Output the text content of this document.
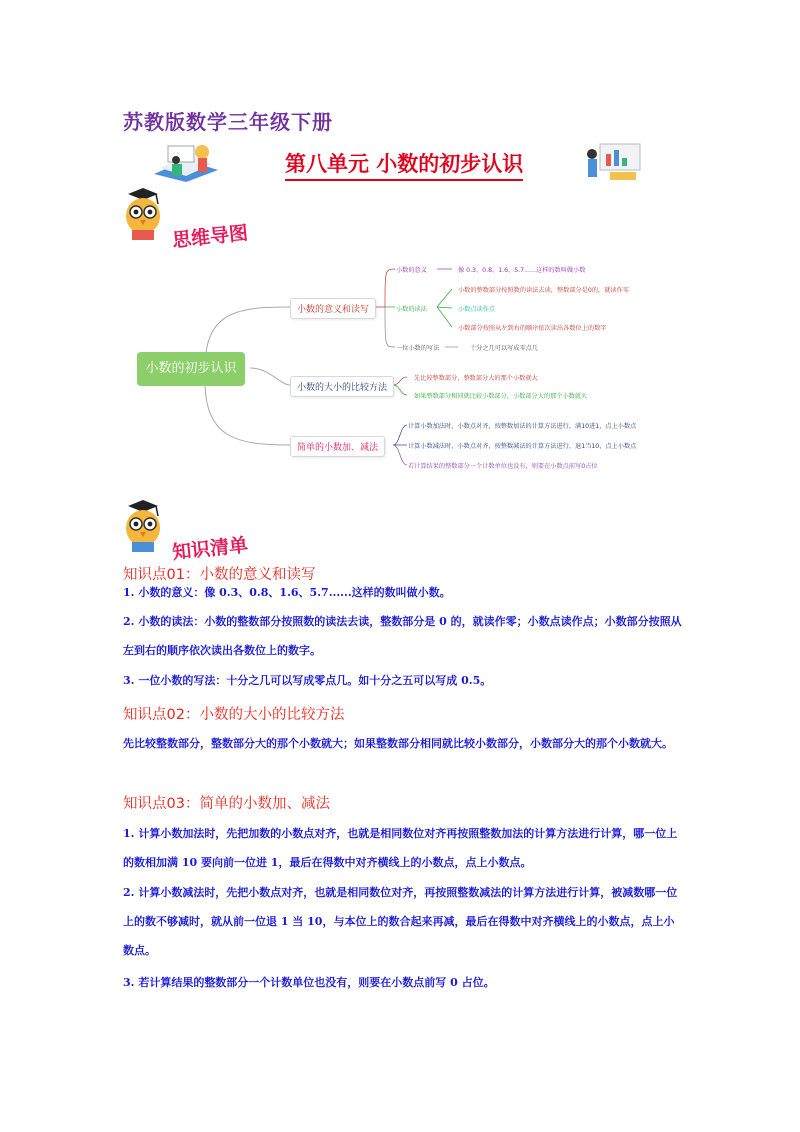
苏教版数学三年级下册
第八单元 小数的初步认识
思维导图
小数的初步认识
小数的意义和读写
小数的大小的比较方法
简单的小数加、减法
小数的意义	像 0.3、0.8、1.6、5.7......这样的数叫做小数
小数的读法
小数的整数部分按照数的读法去读，整数部分是0的，就读作零
小数点读作点
小数部分按照从左到右的顺序依次读出各数位上的数字
一位小数的写法	十分之几可以写成零点几
先比较整数部分，整数部分大的那个小数就大
如果整数部分相同就比较小数部分，小数部分大的那个小数就大
计算小数加法时，小数点对齐，按整数加法的计算方法进行，满10进1，点上小数点
计算小数减法时，小数点对齐，按整数减法的计算方法进行，退1当10，点上小数点
若计算结果的整数部分一个计数单位也没有，则要在小数点前写0占位
知识清单
知识点01：小数的意义和读写
1. 小数的意义：像 0.3、0.8、1.6、5.7......这样的数叫做小数。
2. 小数的读法：小数的整数部分按照数的读法去读，整数部分是 0 的，就读作零；小数点读作点；小数部分按照从左到右的顺序依次读出各数位上的数字。
3. 一位小数的写法：十分之几可以写成零点几。如十分之五可以写成 0.5。
知识点02：小数的大小的比较方法
先比较整数部分，整数部分大的那个小数就大；如果整数部分相同就比较小数部分，小数部分大的那个小数就大。
知识点03：简单的小数加、减法
1. 计算小数加法时，先把加数的小数点对齐，也就是相同数位对齐再按照整数加法的计算方法进行计算，哪一位上的数相加满 10 要向前一位进 1，最后在得数中对齐横线上的小数点，点上小数点。
2. 计算小数减法时，先把小数点对齐，也就是相同数位对齐，再按照整数减法的计算方法进行计算，被减数哪一位上的数不够减时，就从前一位退 1 当 10，与本位上的数合起来再减，最后在得数中对齐横线上的小数点，点上小数点。
3. 若计算结果的整数部分一个计数单位也没有，则要在小数点前写 0 占位。
